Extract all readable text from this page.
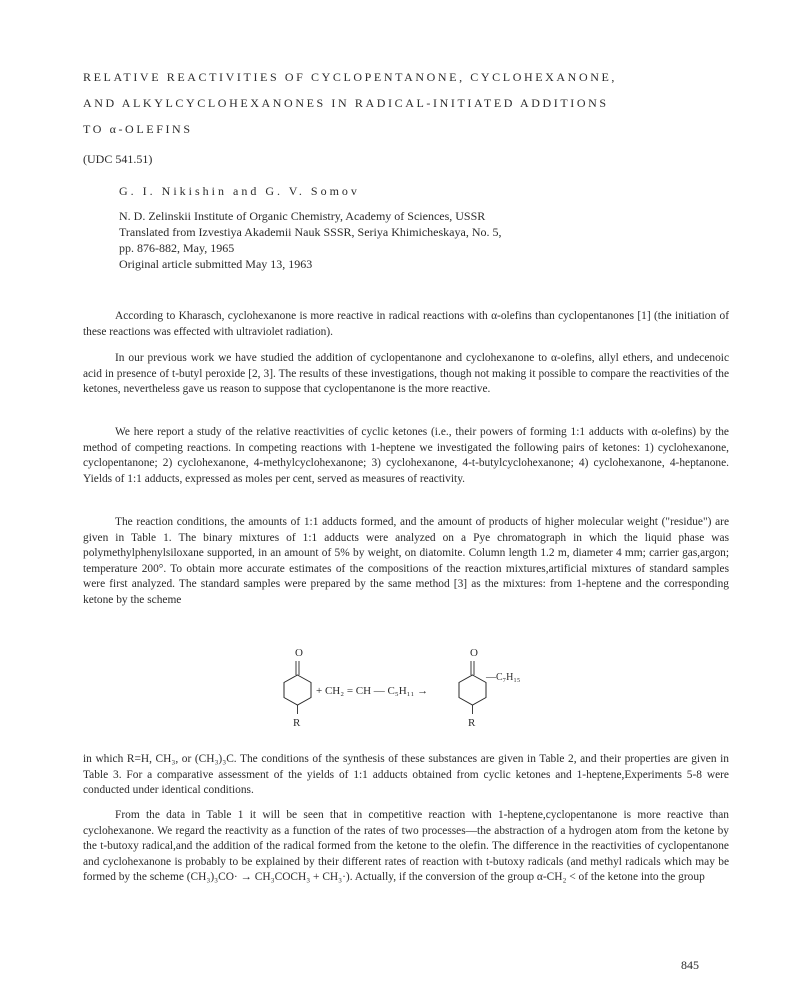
RELATIVE REACTIVITIES OF CYCLOPENTANONE, CYCLOHEXANONE,
AND ALKYLCYCLOHEXANONES IN RADICAL-INITIATED ADDITIONS
TO α-OLEFINS
(UDC 541.51)
G. I. Nikishin and G. V. Somov
N. D. Zelinskii Institute of Organic Chemistry, Academy of Sciences, USSR
Translated from Izvestiya Akademii Nauk SSSR, Seriya Khimicheskaya, No. 5,
pp. 876-882, May, 1965
Original article submitted May 13, 1963
According to Kharasch, cyclohexanone is more reactive in radical reactions with α-olefins than cyclopentanones [1] (the initiation of these reactions was effected with ultraviolet radiation).
In our previous work we have studied the addition of cyclopentanone and cyclohexanone to α-olefins, allyl ethers, and undecenoic acid in presence of t-butyl peroxide [2, 3]. The results of these investigations, though not making it possible to compare the reactivities of the ketones, nevertheless gave us reason to suppose that cyclopentanone is the more reactive.
We here report a study of the relative reactivities of cyclic ketones (i.e., their powers of forming 1:1 adducts with α-olefins) by the method of competing reactions. In competing reactions with 1-heptene we investigated the following pairs of ketones: 1) cyclohexanone, cyclopentanone; 2) cyclohexanone, 4-methylcyclohexanone; 3) cyclohexanone, 4-t-butylcyclohexanone; 4) cyclohexanone, 4-heptanone. Yields of 1:1 adducts, expressed as moles per cent, served as measures of reactivity.
The reaction conditions, the amounts of 1:1 adducts formed, and the amount of products of higher molecular weight ("residue") are given in Table 1. The binary mixtures of 1:1 adducts were analyzed on a Pye chromatograph in which the liquid phase was polymethylphenylsiloxane supported, in an amount of 5% by weight, on diatomite. Column length 1.2 m, diameter 4 mm; carrier gas,argon; temperature 200°. To obtain more accurate estimates of the compositions of the reaction mixtures,artificial mixtures of standard samples were first analyzed. The standard samples were prepared by the same method [3] as the mixtures: from 1-heptene and the corresponding ketone by the scheme
O
R
+ CH₂ = CH — C₅H₁₁ →
O
—C₇H₁₅
R
in which R=H, CH₃, or (CH₃)₃C. The conditions of the synthesis of these substances are given in Table 2, and their properties are given in Table 3. For a comparative assessment of the yields of 1:1 adducts obtained from cyclic ketones and 1-heptene,Experiments 5-8 were conducted under identical conditions.
From the data in Table 1 it will be seen that in competitive reaction with 1-heptene,cyclopentanone is more reactive than cyclohexanone. We regard the reactivity as a function of the rates of two processes—the abstraction of a hydrogen atom from the ketone by the t-butoxy radical,and the addition of the radical formed from the ketone to the olefin. The difference in the reactivities of cyclopentanone and cyclohexanone is probably to be explained by their different rates of reaction with t-butoxy radicals (and methyl radicals which may be formed by the scheme (CH₃)₃CO· → CH₃COCH₃ + CH₃·). Actually, if the conversion of the group α-CH₂ < of the ketone into the group
845
